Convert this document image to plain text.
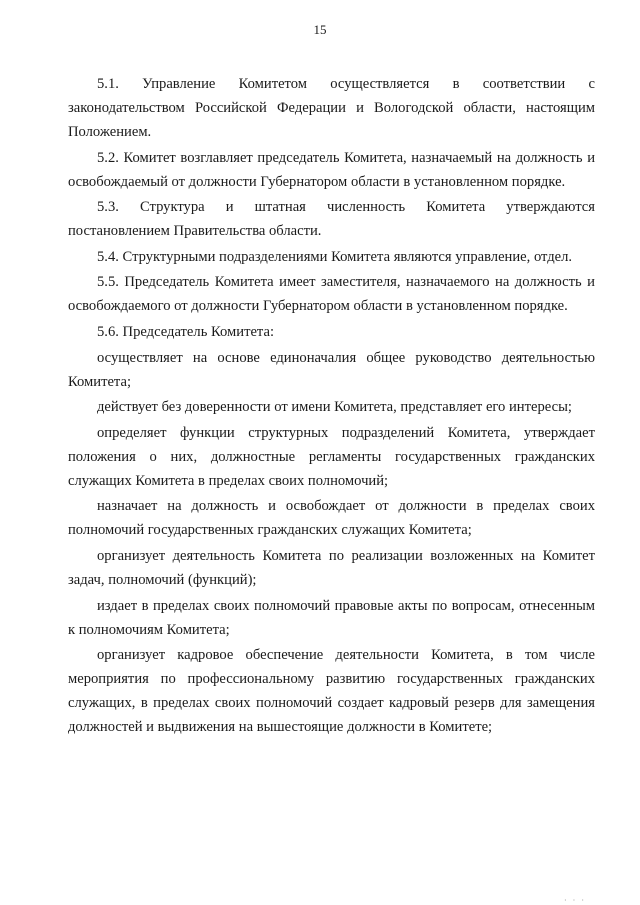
15

5.1. Управление Комитетом осуществляется в соответствии с законодательством Российской Федерации и Вологодской области, настоящим Положением.

5.2. Комитет возглавляет председатель Комитета, назначаемый на должность и освобождаемый от должности Губернатором области в установленном порядке.

5.3. Структура и штатная численность Комитета утверждаются постановлением Правительства области.

5.4. Структурными подразделениями Комитета являются управление, отдел.

5.5. Председатель Комитета имеет заместителя, назначаемого на должность и освобождаемого от должности Губернатором области в установленном порядке.

5.6. Председатель Комитета:

осуществляет на основе единоначалия общее руководство деятельностью Комитета;

действует без доверенности от имени Комитета, представляет его интересы;

определяет функции структурных подразделений Комитета, утверждает положения о них, должностные регламенты государственных гражданских служащих Комитета в пределах своих полномочий;

назначает на должность и освобождает от должности в пределах своих полномочий государственных гражданских служащих Комитета;

организует деятельность Комитета по реализации возложенных на Комитет задач, полномочий (функций);

издает в пределах своих полномочий правовые акты по вопросам, отнесенным к полномочиям Комитета;

организует кадровое обеспечение деятельности Комитета, в том числе мероприятия по профессиональному развитию государственных гражданских служащих, в пределах своих полномочий создает кадровый резерв для замещения должностей и выдвижения на вышестоящие должности в Комитете;

· · ·
